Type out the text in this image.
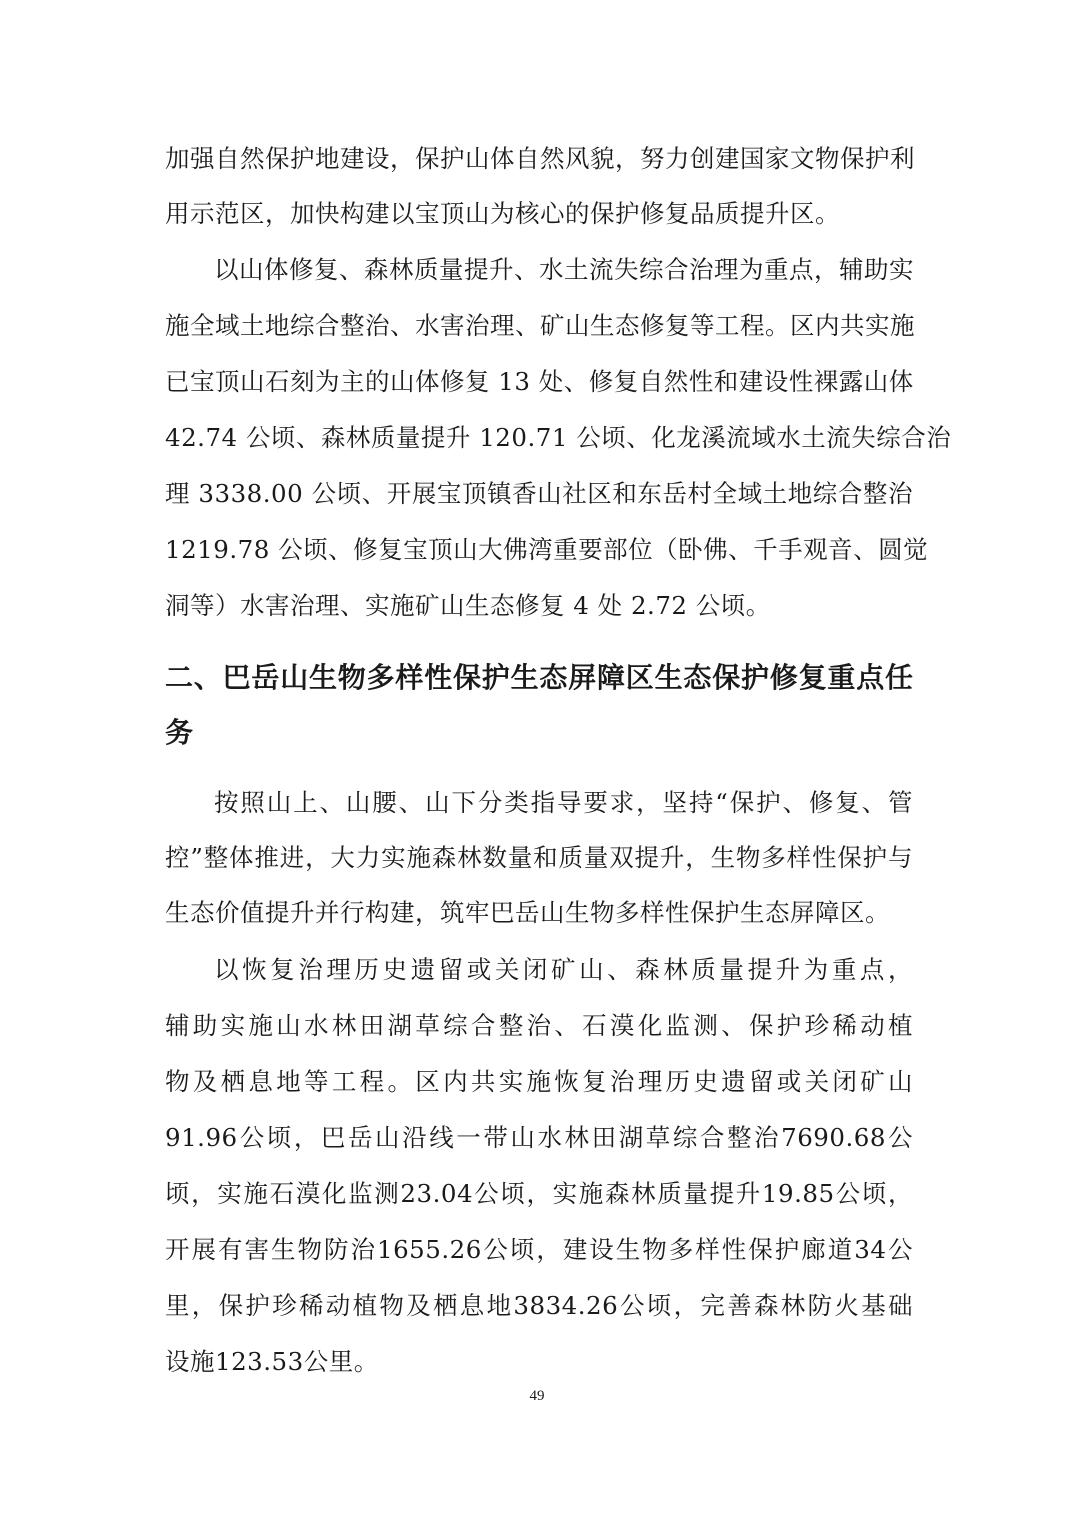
加强自然保护地建设，保护山体自然风貌，努力创建国家文物保护利
用示范区，加快构建以宝顶山为核心的保护修复品质提升区。
以山体修复、森林质量提升、水土流失综合治理为重点，辅助实
施全域土地综合整治、水害治理、矿山生态修复等工程。区内共实施
已宝顶山石刻为主的山体修复 13 处、修复自然性和建设性裸露山体
42.74 公顷、森林质量提升 120.71 公顷、化龙溪流域水土流失综合治
理 3338.00 公顷、开展宝顶镇香山社区和东岳村全域土地综合整治
1219.78 公顷、修复宝顶山大佛湾重要部位（卧佛、千手观音、圆觉
洞等）水害治理、实施矿山生态修复 4 处 2.72 公顷。
二、巴岳山生物多样性保护生态屏障区生态保护修复重点任
务
按照山上、山腰、山下分类指导要求，坚持“保护、修复、管
控”整体推进，大力实施森林数量和质量双提升，生物多样性保护与
生态价值提升并行构建，筑牢巴岳山生物多样性保护生态屏障区。
以恢复治理历史遗留或关闭矿山、森林质量提升为重点，
辅助实施山水林田湖草综合整治、石漠化监测、保护珍稀动植
物及栖息地等工程。区内共实施恢复治理历史遗留或关闭矿山
91.96公顷，巴岳山沿线一带山水林田湖草综合整治7690.68公
顷，实施石漠化监测23.04公顷，实施森林质量提升19.85公顷，
开展有害生物防治1655.26公顷，建设生物多样性保护廊道34公
里，保护珍稀动植物及栖息地3834.26公顷，完善森林防火基础
设施123.53公里。
49
